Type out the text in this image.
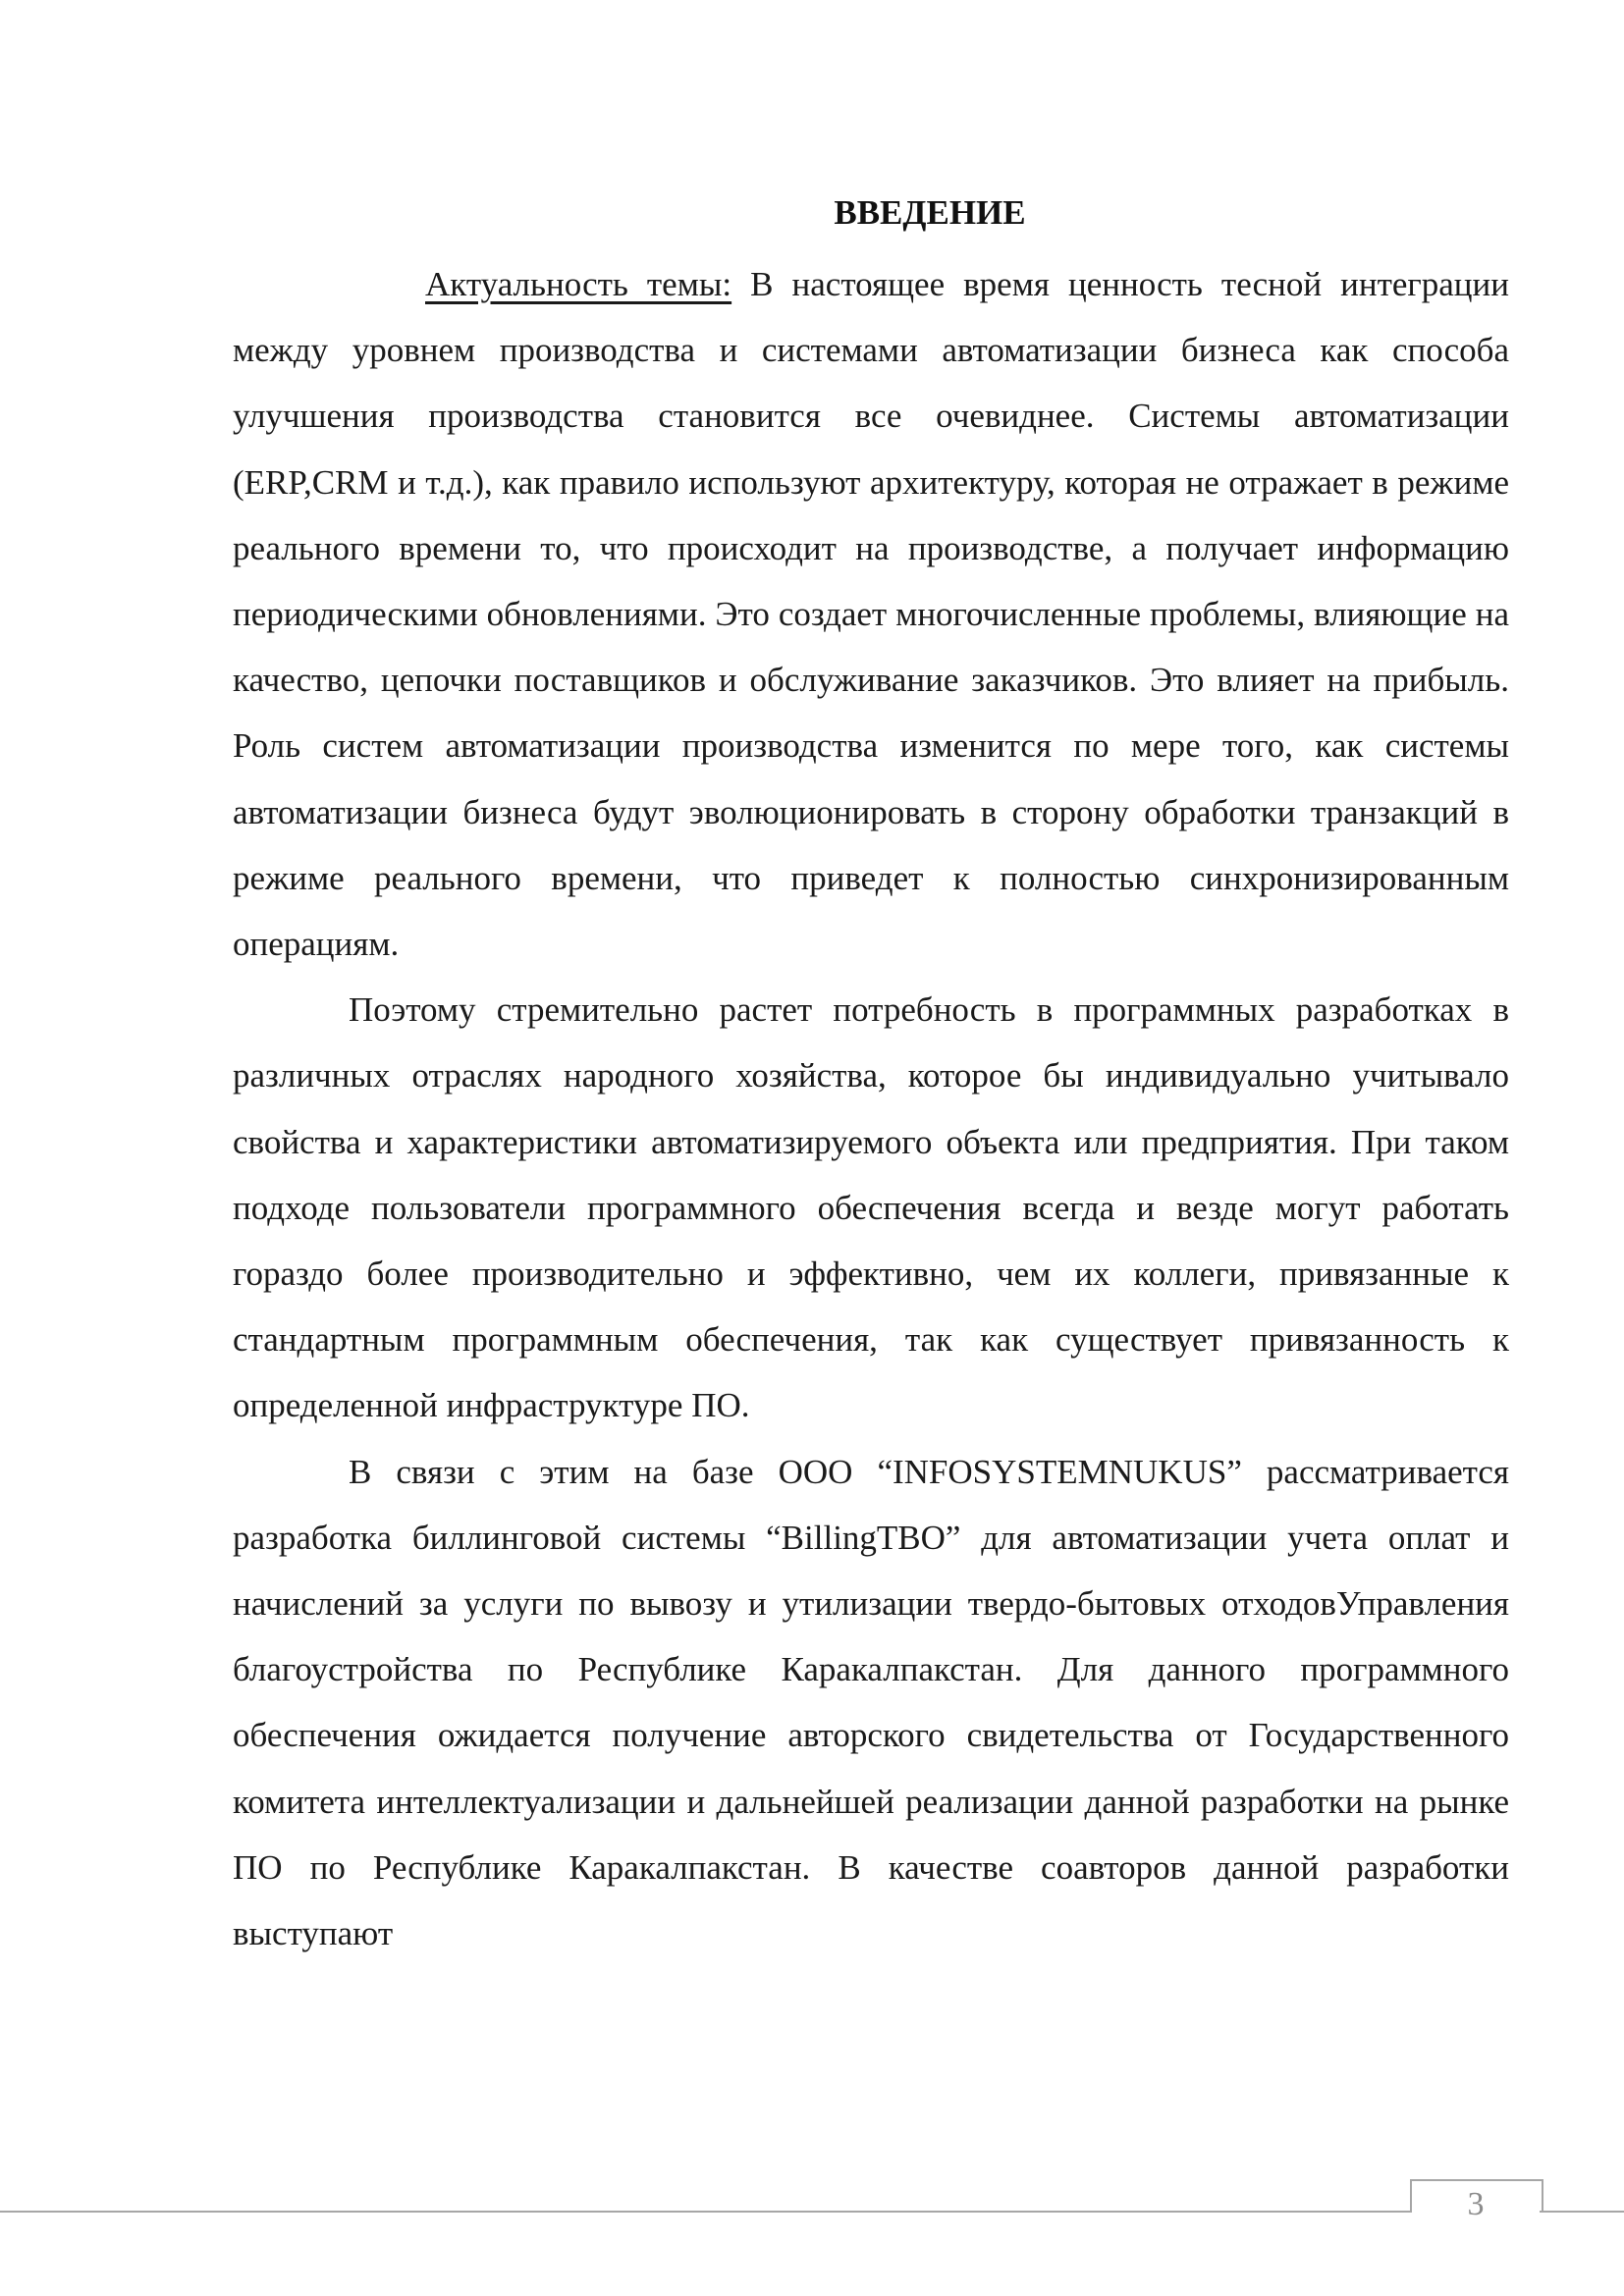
ВВЕДЕНИЕ

Актуальность темы: В настоящее время ценность тесной интеграции между уровнем производства и системами автоматизации бизнеса как способа улучшения производства становится все очевиднее. Системы автоматизации (ERP,CRM и т.д.), как правило используют архитектуру, которая не отражает в режиме реального времени то, что происходит на производстве, а получает информацию периодическими обновлениями. Это создает многочисленные проблемы, влияющие на качество, цепочки поставщиков и обслуживание заказчиков. Это влияет на прибыль. Роль систем автоматизации производства изменится по мере того, как системы автоматизации бизнеса будут эволюционировать в сторону обработки транзакций в режиме реального времени, что приведет к полностью синхронизированным операциям.

Поэтому стремительно растет потребность в программных разработках в различных отраслях народного хозяйства, которое бы индивидуально учитывало свойства и характеристики автоматизируемого объекта или предприятия. При таком подходе пользователи программного обеспечения всегда и везде могут работать гораздо более производительно и эффективно, чем их коллеги, привязанные к стандартным программным обеспечения, так как существует привязанность к определенной инфраструктуре ПО.

В связи с этим на базе ООО “INFOSYSTEMNUKUS” рассматривается разработка биллинговой системы “BillingTBO” для автоматизации учета оплат и начислений за услуги по вывозу и утилизации твердо-бытовых отходовУправления благоустройства по Республике Каракалпакстан. Для данного программного обеспечения ожидается получение авторского свидетельства от Государственного комитета интеллектуализации и дальнейшей реализации данной разработки на рынке ПО по Республике Каракалпакстан. В качестве соавторов данной разработки выступают

3
